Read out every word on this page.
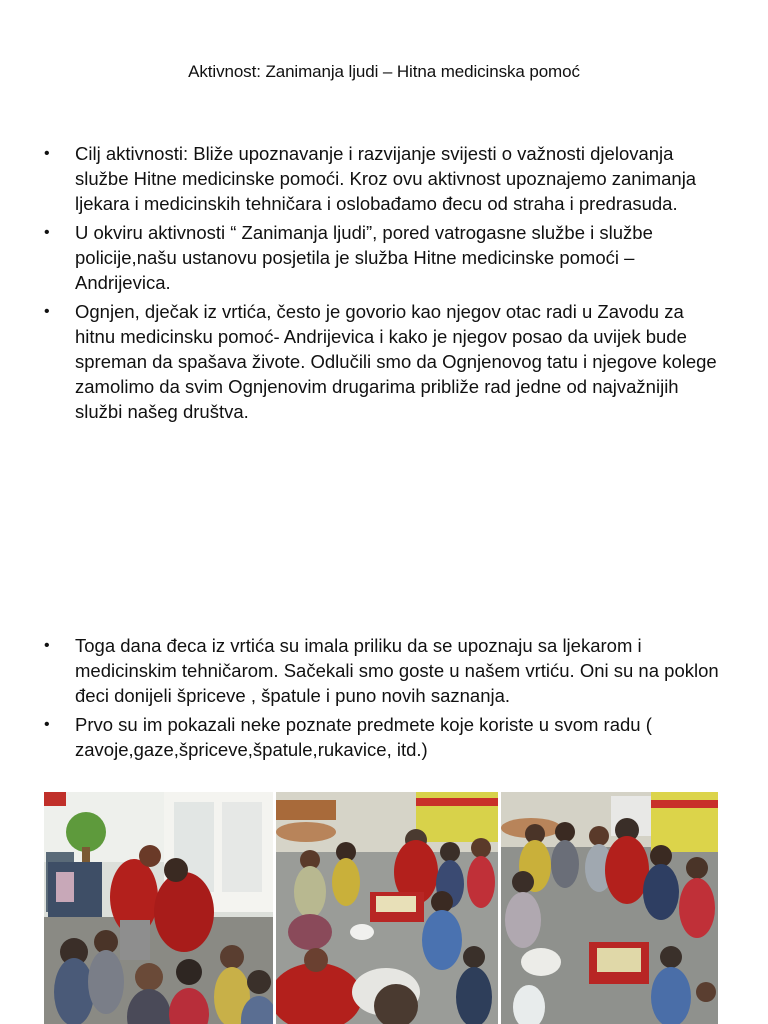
Aktivnost: Zanimanja ljudi – Hitna medicinska pomoć
• Cilj aktivnosti: Bliže upoznavanje i razvijanje svijesti o važnosti djelovanja službe Hitne medicinske pomoći. Kroz ovu aktivnost upoznajemo zanimanja ljekara i medicinskih tehničara i oslobađamo đecu od straha i predrasuda.
• U okviru aktivnosti “ Zanimanja ljudi”, pored vatrogasne službe i službe policije,našu ustanovu posjetila je služba Hitne medicinske pomoći – Andrijevica.
• Ognjen, dječak iz vrtića, često je govorio kao njegov otac radi u Zavodu za hitnu medicinsku pomoć- Andrijevica i kako je njegov posao da uvijek bude spreman da spašava živote. Odlučili smo da Ognjenovog tatu i njegove kolege zamolimo da svim Ognjenovim drugarima približe rad jedne od najvažnijih službi našeg društva.
• Toga dana đeca iz vrtića su imala priliku da se upoznaju sa ljekarom i medicinskim tehničarom. Sačekali smo goste u našem vrtiću. Oni su na poklon đeci donijeli špriceve , špatule i puno novih saznanja.
• Prvo su im pokazali neke poznate predmete koje koriste u svom radu ( zavoje,gaze,špriceve,špatule,rukavice, itd.)
